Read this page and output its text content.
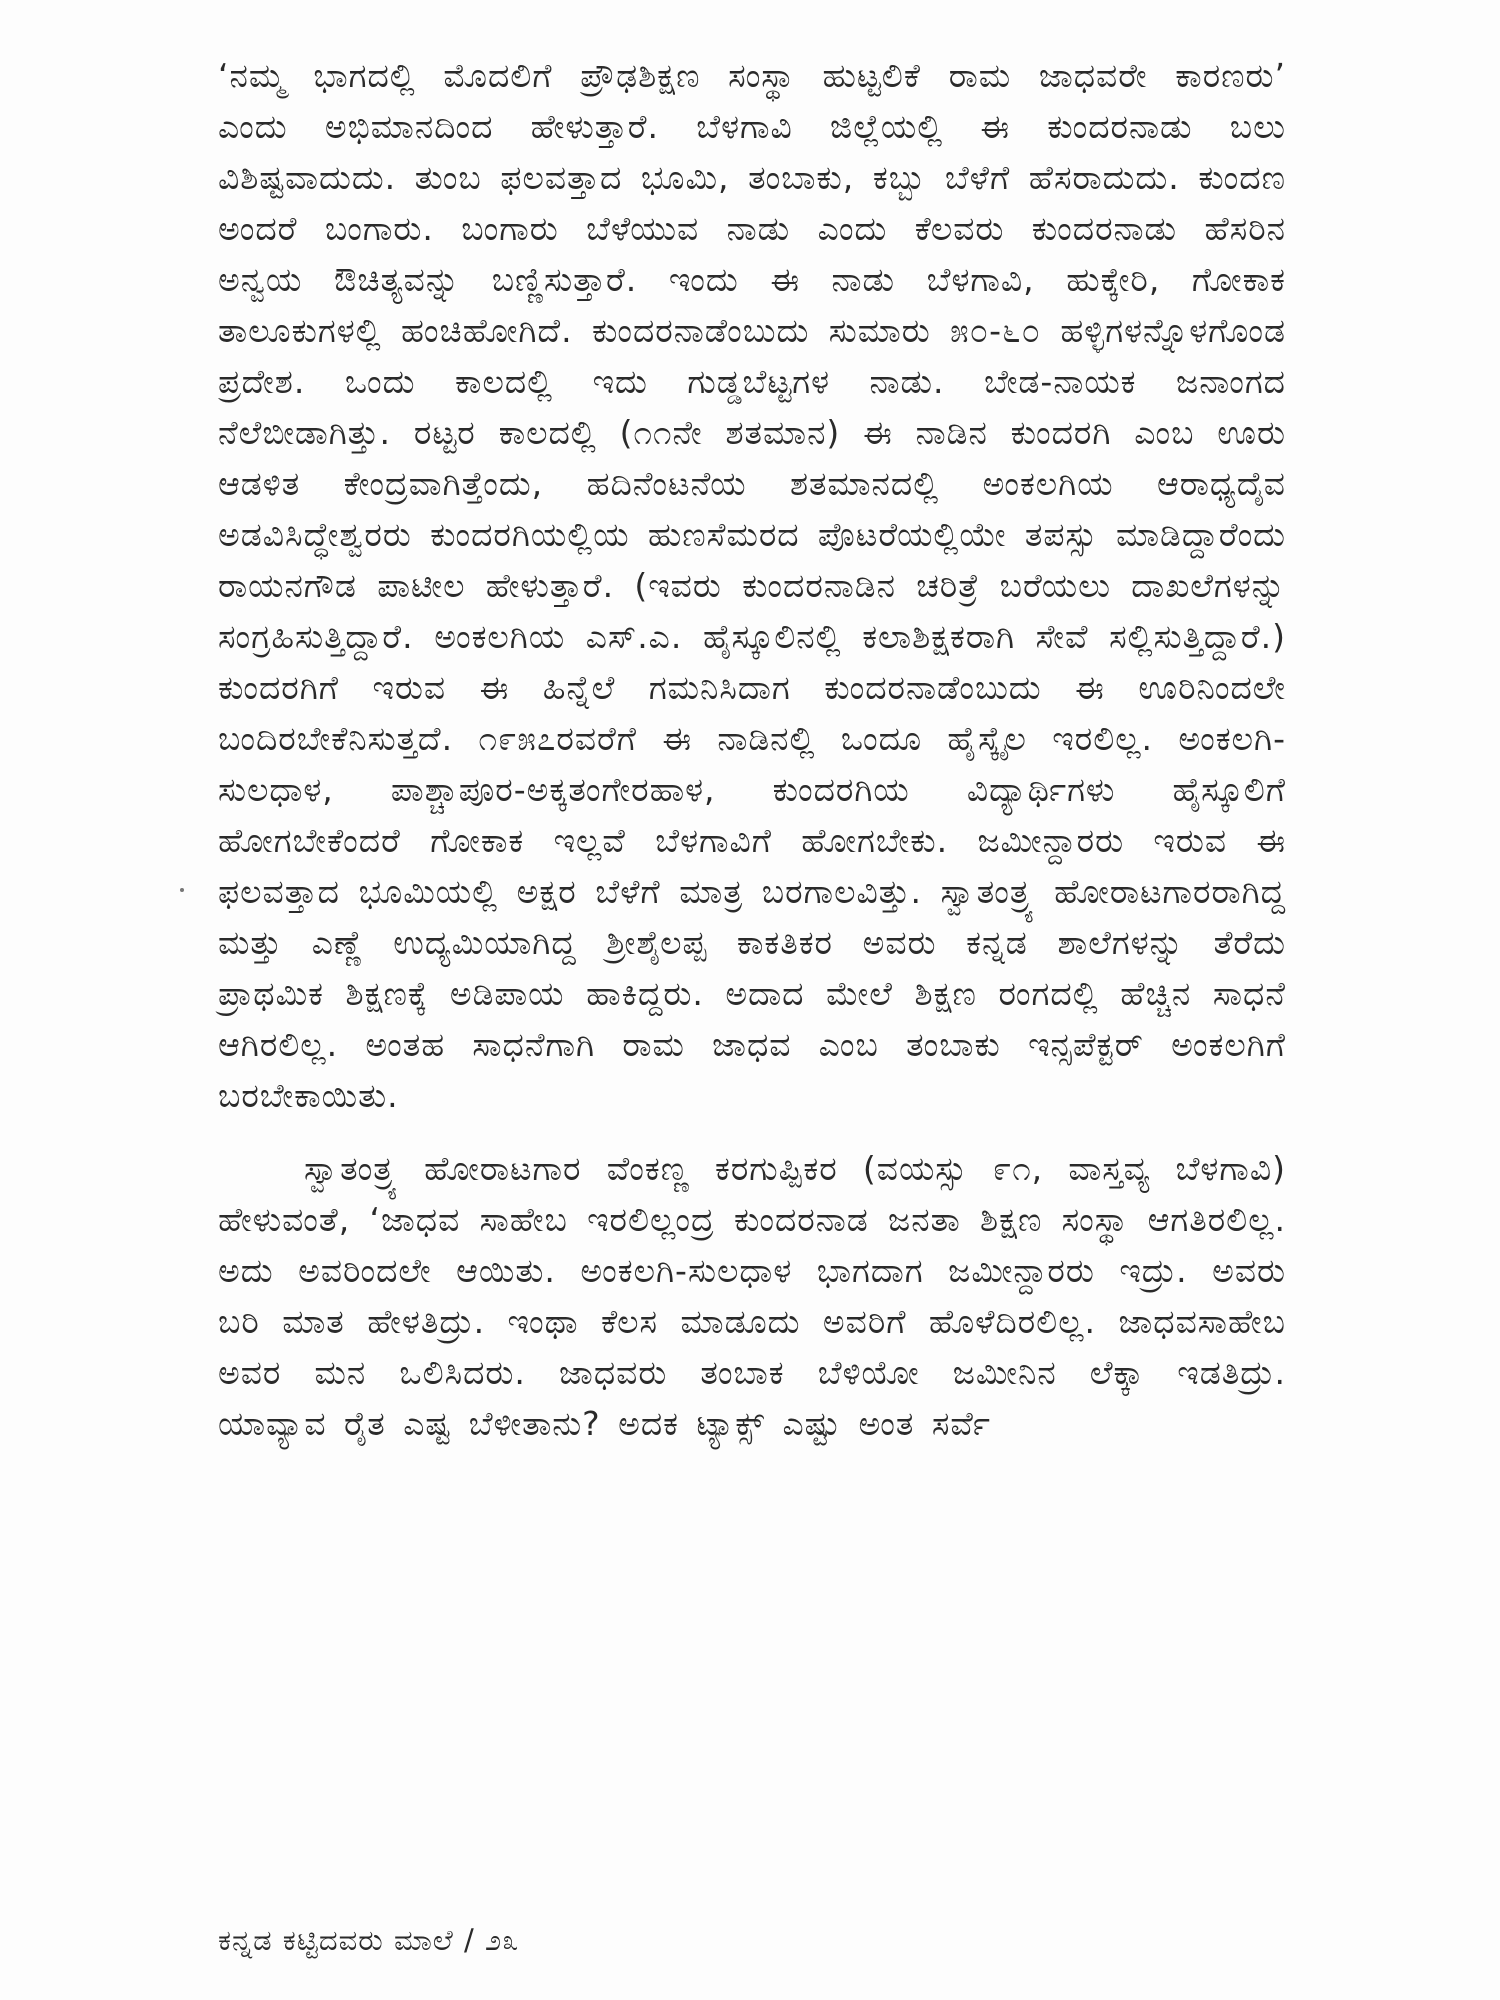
‘ನಮ್ಮ ಭಾಗದಲ್ಲಿ ಮೊದಲಿಗೆ ಪ್ರೌಢಶಿಕ್ಷಣ ಸಂಸ್ಥಾ ಹುಟ್ಟಲಿಕೆ ರಾಮ ಜಾಧವರೇ ಕಾರಣರು’ ಎಂದು ಅಭಿಮಾನದಿಂದ ಹೇಳುತ್ತಾರೆ. ಬೆಳಗಾವಿ ಜಿಲ್ಲೆಯಲ್ಲಿ ಈ ಕುಂದರನಾಡು ಬಲು ವಿಶಿಷ್ಟವಾದುದು. ತುಂಬ ಫಲವತ್ತಾದ ಭೂಮಿ, ತಂಬಾಕು, ಕಬ್ಬು ಬೆಳೆಗೆ ಹೆಸರಾದುದು. ಕುಂದಣ ಅಂದರೆ ಬಂಗಾರು. ಬಂಗಾರು ಬೆಳೆಯುವ ನಾಡು ಎಂದು ಕೆಲವರು ಕುಂದರನಾಡು ಹೆಸರಿನ ಅನ್ವಯ ಔಚಿತ್ಯವನ್ನು ಬಣ್ಣಿಸುತ್ತಾರೆ. ಇಂದು ಈ ನಾಡು ಬೆಳಗಾವಿ, ಹುಕ್ಕೇರಿ, ಗೋಕಾಕ ತಾಲೂಕುಗಳಲ್ಲಿ ಹಂಚಿಹೋಗಿದೆ. ಕುಂದರನಾಡೆಂಬುದು ಸುಮಾರು ೫೦-೬೦ ಹಳ್ಳಿಗಳನ್ನೊಳಗೊಂಡ ಪ್ರದೇಶ. ಒಂದು ಕಾಲದಲ್ಲಿ ಇದು ಗುಡ್ಡಬೆಟ್ಟಗಳ ನಾಡು. ಬೇಡ-ನಾಯಕ ಜನಾಂಗದ ನೆಲೆಬೀಡಾಗಿತ್ತು. ರಟ್ಟರ ಕಾಲದಲ್ಲಿ (೧೧ನೇ ಶತಮಾನ) ಈ ನಾಡಿನ ಕುಂದರಗಿ ಎಂಬ ಊರು ಆಡಳಿತ ಕೇಂದ್ರವಾಗಿತ್ತೆಂದು, ಹದಿನೆಂಟನೆಯ ಶತಮಾನದಲ್ಲಿ ಅಂಕಲಗಿಯ ಆರಾಧ್ಯದೈವ ಅಡವಿಸಿದ್ಧೇಶ್ವರರು ಕುಂದರಗಿಯಲ್ಲಿಯ ಹುಣಸೆಮರದ ಪೊಟರೆಯಲ್ಲಿಯೇ ತಪಸ್ಸು ಮಾಡಿದ್ದಾರೆಂದು ರಾಯನಗೌಡ ಪಾಟೀಲ ಹೇಳುತ್ತಾರೆ. (ಇವರು ಕುಂದರನಾಡಿನ ಚರಿತ್ರೆ ಬರೆಯಲು ದಾಖಲೆಗಳನ್ನು ಸಂಗ್ರಹಿಸುತ್ತಿದ್ದಾರೆ. ಅಂಕಲಗಿಯ ಎಸ್.ಎ. ಹೈಸ್ಕೂಲಿನಲ್ಲಿ ಕಲಾಶಿಕ್ಷಕರಾಗಿ ಸೇವೆ ಸಲ್ಲಿಸುತ್ತಿದ್ದಾರೆ.) ಕುಂದರಗಿಗೆ ಇರುವ ಈ ಹಿನ್ನೆಲೆ ಗಮನಿಸಿದಾಗ ಕುಂದರನಾಡೆಂಬುದು ಈ ಊರಿನಿಂದಲೇ ಬಂದಿರಬೇಕೆನಿಸುತ್ತದೆ. ೧೯೫೭ರವರೆಗೆ ಈ ನಾಡಿನಲ್ಲಿ ಒಂದೂ ಹೈಸ್ಕೈಲ ಇರಲಿಲ್ಲ. ಅಂಕಲಗಿ-ಸುಲಧಾಳ, ಪಾಶ್ಚಾಪೂರ-ಅಕ್ಕತಂಗೇರಹಾಳ, ಕುಂದರಗಿಯ ವಿದ್ಯಾರ್ಥಿಗಳು ಹೈಸ್ಕೂಲಿಗೆ ಹೋಗಬೇಕೆಂದರೆ ಗೋಕಾಕ ಇಲ್ಲವೆ ಬೆಳಗಾವಿಗೆ ಹೋಗಬೇಕು. ಜಮೀನ್ದಾರರು ಇರುವ ಈ ಫಲವತ್ತಾದ ಭೂಮಿಯಲ್ಲಿ ಅಕ್ಷರ ಬೆಳೆಗೆ ಮಾತ್ರ ಬರಗಾಲವಿತ್ತು. ಸ್ವಾತಂತ್ರ್ಯ ಹೋರಾಟಗಾರರಾಗಿದ್ದ ಮತ್ತು ಎಣ್ಣೆ ಉದ್ಯಮಿಯಾಗಿದ್ದ ಶ್ರೀಶೈಲಪ್ಪ ಕಾಕತಿಕರ ಅವರು ಕನ್ನಡ ಶಾಲೆಗಳನ್ನು ತೆರೆದು ಪ್ರಾಥಮಿಕ ಶಿಕ್ಷಣಕ್ಕೆ ಅಡಿಪಾಯ ಹಾಕಿದ್ದರು. ಅದಾದ ಮೇಲೆ ಶಿಕ್ಷಣ ರಂಗದಲ್ಲಿ ಹೆಚ್ಚಿನ ಸಾಧನೆ ಆಗಿರಲಿಲ್ಲ. ಅಂತಹ ಸಾಧನೆಗಾಗಿ ರಾಮ ಜಾಧವ ಎಂಬ ತಂಬಾಕು ಇನ್ಸಪೆಕ್ಟರ್ ಅಂಕಲಗಿಗೆ ಬರಬೇಕಾಯಿತು.

ಸ್ವಾತಂತ್ರ್ಯ ಹೋರಾಟಗಾರ ವೆಂಕಣ್ಣ ಕರಗುಪ್ಪಿಕರ (ವಯಸ್ಸು ೯೧, ವಾಸ್ತವ್ಯ ಬೆಳಗಾವಿ) ಹೇಳುವಂತೆ, ‘ಜಾಧವ ಸಾಹೇಬ ಇರಲಿಲ್ಲಂದ್ರ ಕುಂದರನಾಡ ಜನತಾ ಶಿಕ್ಷಣ ಸಂಸ್ಥಾ ಆಗತಿರಲಿಲ್ಲ. ಅದು ಅವರಿಂದಲೇ ಆಯಿತು. ಅಂಕಲಗಿ-ಸುಲಧಾಳ ಭಾಗದಾಗ ಜಮೀನ್ದಾರರು ಇದ್ರು. ಅವರು ಬರಿ ಮಾತ ಹೇಳತಿದ್ರು. ಇಂಥಾ ಕೆಲಸ ಮಾಡೂದು ಅವರಿಗೆ ಹೊಳೆದಿರಲಿಲ್ಲ. ಜಾಧವಸಾಹೇಬ ಅವರ ಮನ ಒಲಿಸಿದರು. ಜಾಧವರು ತಂಬಾಕ ಬೆಳಿಯೋ ಜಮೀನಿನ ಲೆಕ್ಕಾ ಇಡತಿದ್ರು. ಯಾವ್ಯಾವ ರೈತ ಎಷ್ಟ ಬೆಳೀತಾನು? ಅದಕ ಟ್ಯಾಕ್ಸ್ ಎಷ್ಟು ಅಂತ ಸರ್ವೆ

ಕನ್ನಡ ಕಟ್ಟಿದವರು ಮಾಲೆ / ೨೩
